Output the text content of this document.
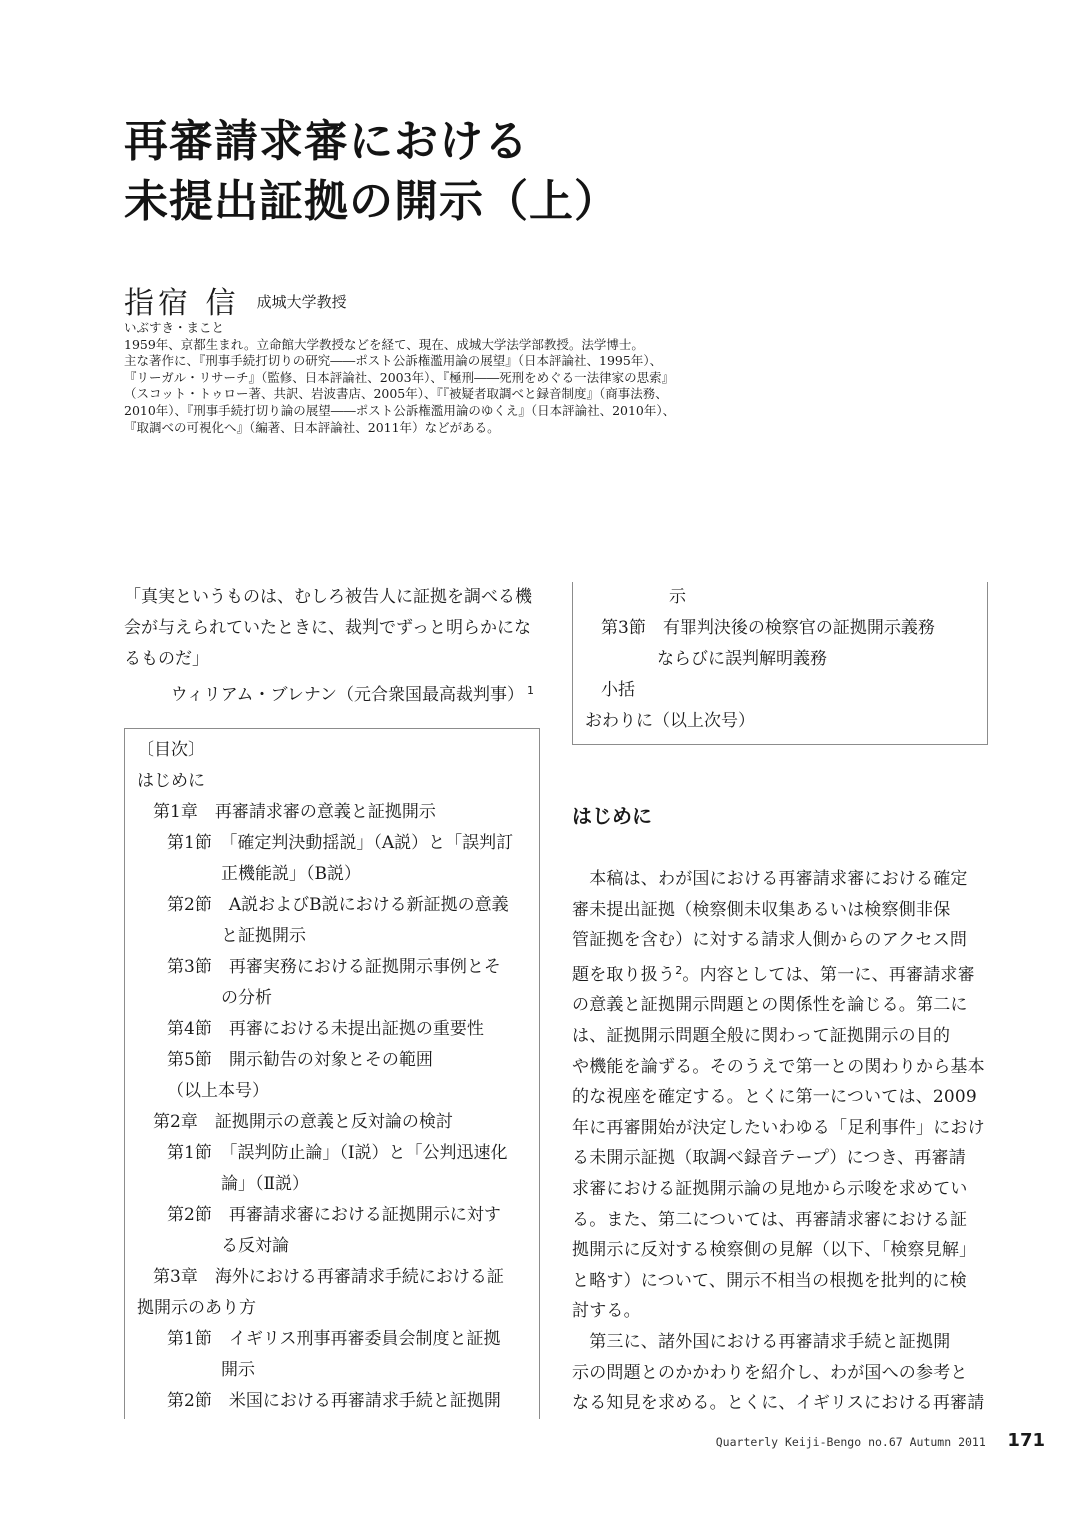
再審請求審における
未提出証拠の開示（上）
指宿 信 成城大学教授
いぶすき・まこと
1959年、京都生まれ。立命館大学教授などを経て、現在、成城大学法学部教授。法学博士。
主な著作に、『刑事手続打切りの研究――ポスト公訴権濫用論の展望』（日本評論社、1995年）、
『リーガル・リサーチ』（監修、日本評論社、2003年）、『極刑――死刑をめぐる一法律家の思索』
（スコット・トゥロー著、共訳、岩波書店、2005年）、『『被疑者取調べと録音制度』（商事法務、
2010年）、『刑事手続打切り論の展望――ポスト公訴権濫用論のゆくえ』（日本評論社、2010年）、
『取調べの可視化へ』（編著、日本評論社、2011年）などがある。
「真実というものは、むしろ被告人に証拠を調べる機
会が与えられていたときに、裁判でずっと明らかにな
るものだ」
ウィリアム・ブレナン（元合衆国最高裁判事） $^1$
〔目次〕
はじめに
第1章　再審請求審の意義と証拠開示
第1節　「確定判決動揺説」（A説）と「誤判訂
正機能説」（B説）
第2節　A説およびB説における新証拠の意義
と証拠開示
第3節　再審実務における証拠開示事例とそ
の分析
第4節　再審における未提出証拠の重要性
第5節　開示勧告の対象とその範囲
（以上本号）
第2章　証拠開示の意義と反対論の検討
第1節　「誤判防止論」（Ⅰ説）と「公判迅速化
論」（Ⅱ説）
第2節　再審請求審における証拠開示に対す
る反対論
第3章　海外における再審請求手続における証
拠開示のあり方
第1節　イギリス刑事再審委員会制度と証拠
開示
第2節　米国における再審請求手続と証拠開
示
第3節　有罪判決後の検察官の証拠開示義務
ならびに誤判解明義務
小括
おわりに（以上次号）
はじめに
　本稿は、わが国における再審請求審における確定
審未提出証拠（検察側未収集あるいは検察側非保
管証拠を含む）に対する請求人側からのアクセス問
題を取り扱う$^2$。内容としては、第一に、再審請求審
の意義と証拠開示問題との関係性を論じる。第二に
は、証拠開示問題全般に関わって証拠開示の目的
や機能を論ずる。そのうえで第一との関わりから基本
的な視座を確定する。とくに第一については、2009
年に再審開始が決定したいわゆる「足利事件」におけ
る未開示証拠（取調べ録音テープ）につき、再審請
求審における証拠開示論の見地から示唆を求めてい
る。また、第二については、再審請求審における証
拠開示に反対する検察側の見解（以下、「検察見解」
と略す）について、開示不相当の根拠を批判的に検
討する。
　第三に、諸外国における再審請求手続と証拠開
示の問題とのかかわりを紹介し、わが国への参考と
なる知見を求める。とくに、イギリスにおける再審請
Quarterly Keiji-Bengo no.67 Autumn 2011 171
